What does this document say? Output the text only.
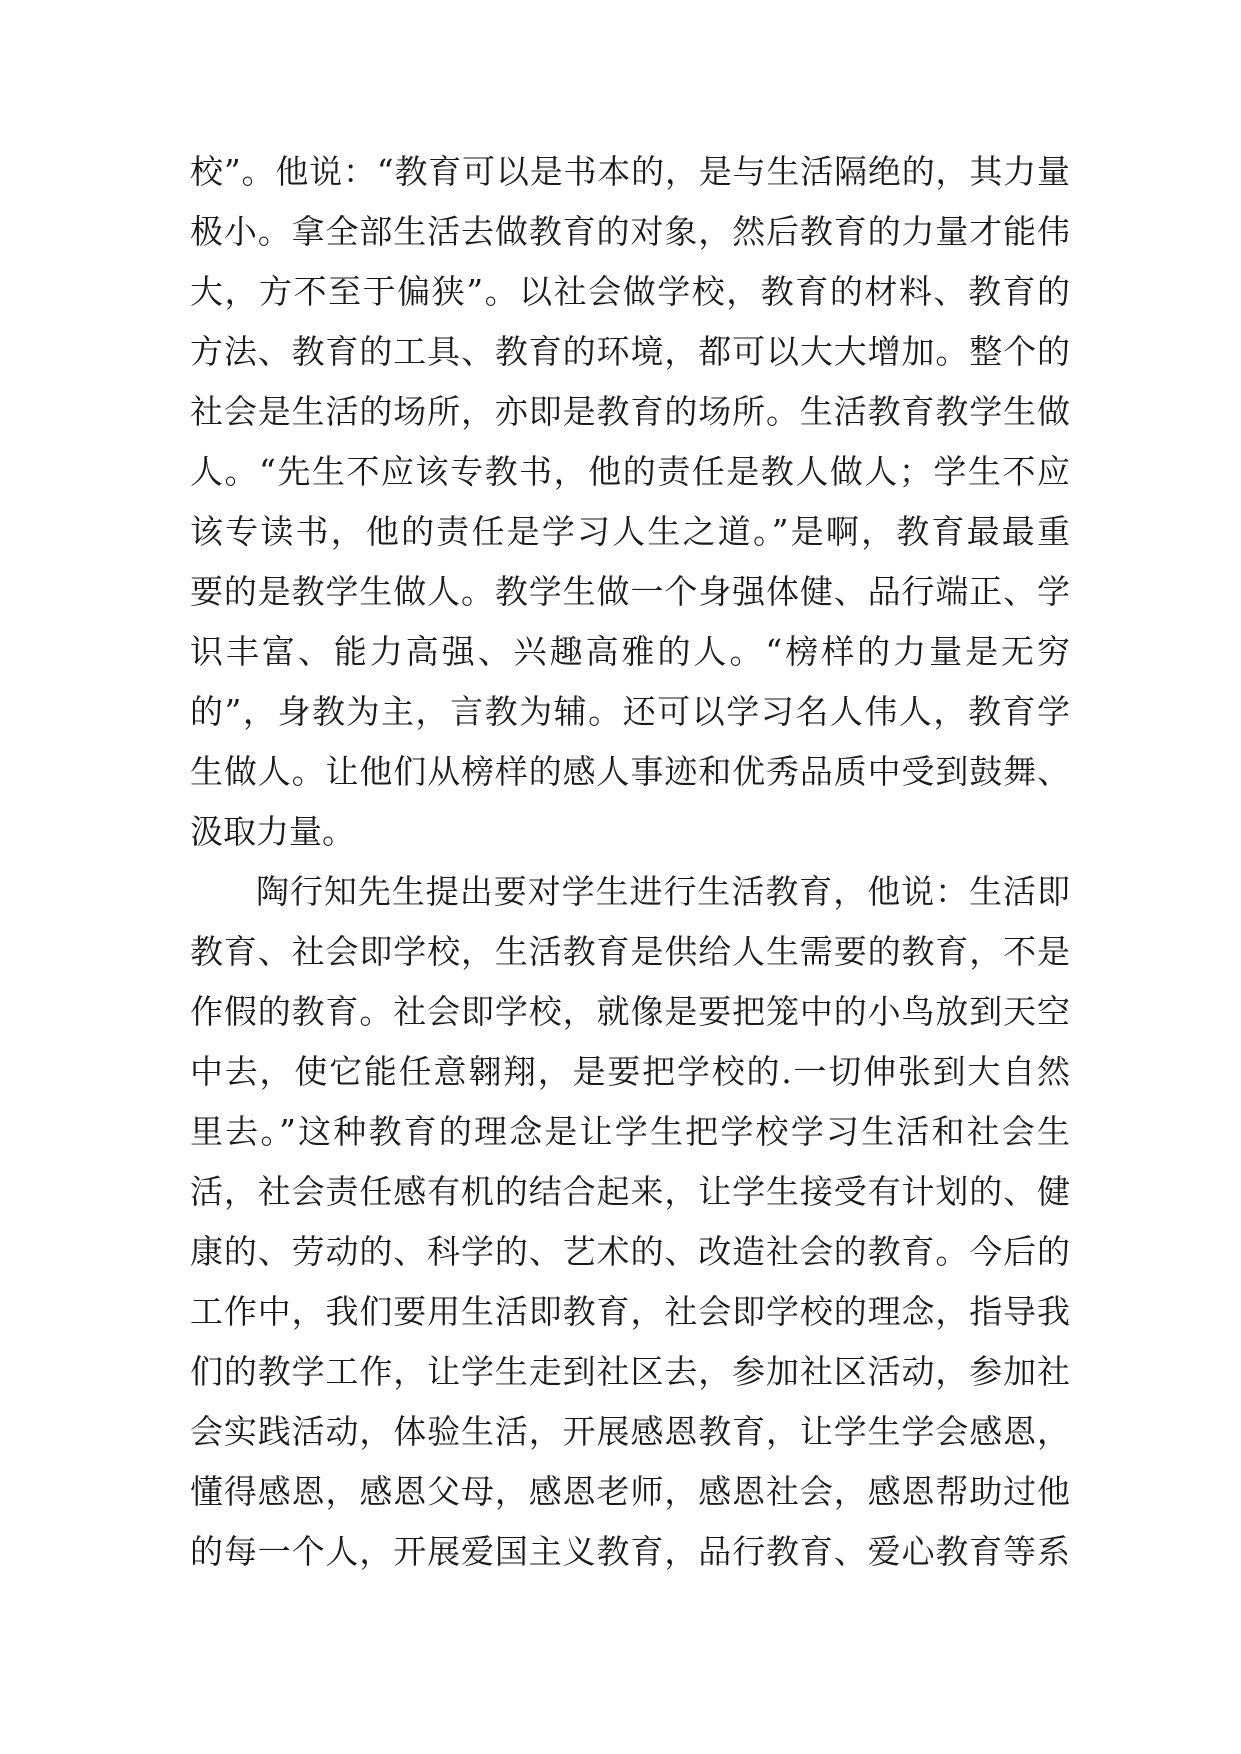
校”。他说：“教育可以是书本的，是与生活隔绝的，其力量
极小。拿全部生活去做教育的对象，然后教育的力量才能伟
大，方不至于偏狭”。以社会做学校，教育的材料、教育的
方法、教育的工具、教育的环境，都可以大大增加。整个的
社会是生活的场所，亦即是教育的场所。生活教育教学生做
人。“先生不应该专教书，他的责任是教人做人；学生不应
该专读书，他的责任是学习人生之道。”是啊，教育最最重
要的是教学生做人。教学生做一个身强体健、品行端正、学
识丰富、能力高强、兴趣高雅的人。“榜样的力量是无穷
的”，身教为主，言教为辅。还可以学习名人伟人，教育学
生做人。让他们从榜样的感人事迹和优秀品质中受到鼓舞、
汲取力量。
陶行知先生提出要对学生进行生活教育，他说：生活即
教育、社会即学校，生活教育是供给人生需要的教育，不是
作假的教育。社会即学校，就像是要把笼中的小鸟放到天空
中去，使它能任意翱翔，是要把学校的.一切伸张到大自然
里去。”这种教育的理念是让学生把学校学习生活和社会生
活，社会责任感有机的结合起来，让学生接受有计划的、健
康的、劳动的、科学的、艺术的、改造社会的教育。今后的
工作中，我们要用生活即教育，社会即学校的理念，指导我
们的教学工作，让学生走到社区去，参加社区活动，参加社
会实践活动，体验生活，开展感恩教育，让学生学会感恩，
懂得感恩，感恩父母，感恩老师，感恩社会，感恩帮助过他
的每一个人，开展爱国主义教育，品行教育、爱心教育等系
